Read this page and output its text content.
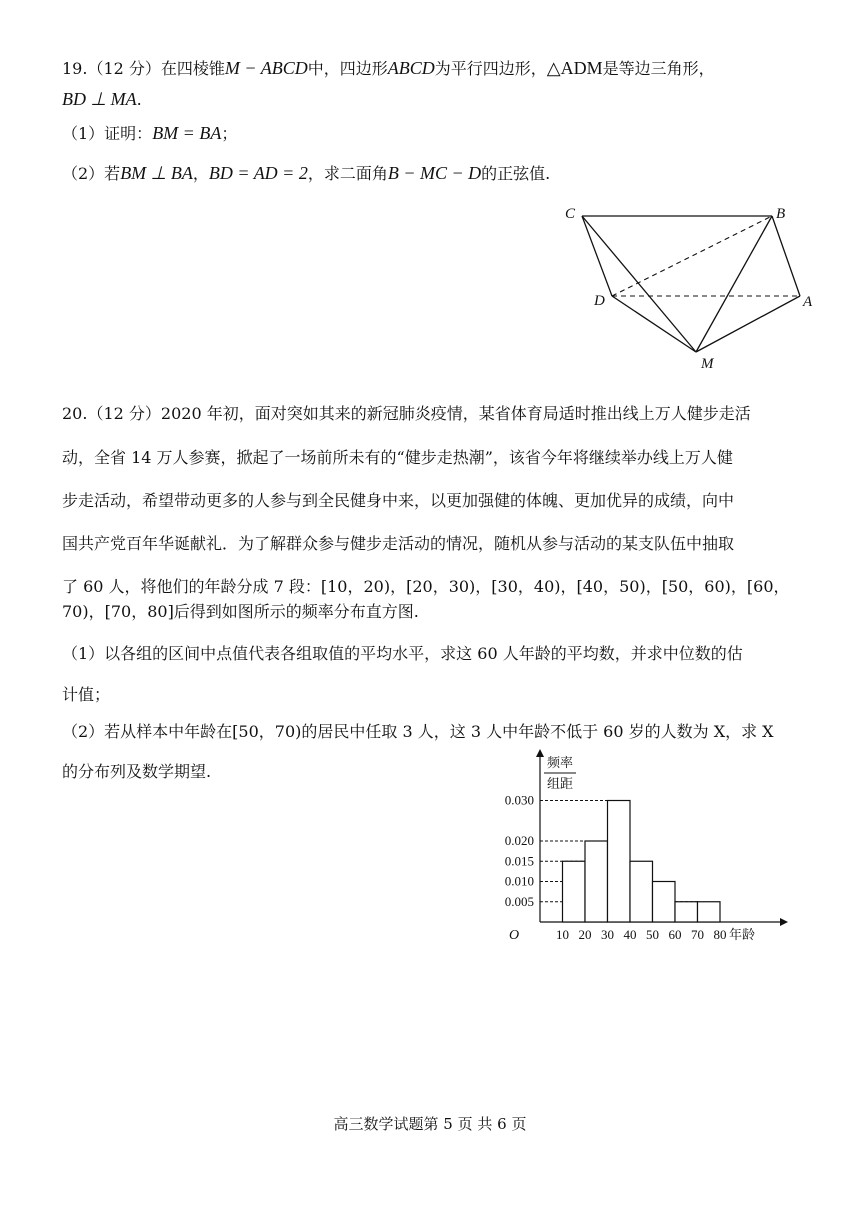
19.（12 分）在四棱锥M − ABCD中，四边形ABCD为平行四边形，△ADM是等边三角形，
BD ⊥ MA.
（1）证明：BM = BA；
（2）若BM ⊥ BA，BD = AD = 2，求二面角B − MC − D的正弦值.
C	B
D	A
M
20.（12 分）2020 年初，面对突如其来的新冠肺炎疫情，某省体育局适时推出线上万人健步走活
动，全省 14 万人参赛，掀起了一场前所未有的“健步走热潮”，该省今年将继续举办线上万人健
步走活动，希望带动更多的人参与到全民健身中来，以更加强健的体魄、更加优异的成绩，向中
国共产党百年华诞献礼．为了解群众参与健步走活动的情况，随机从参与活动的某支队伍中抽取
了 60 人，将他们的年龄分成 7 段：[10，20)，[20，30)，[30，40)，[40，50)，[50，60)，[60，
70)，[70，80]后得到如图所示的频率分布直方图.
（1）以各组的区间中点值代表各组取值的平均水平，求这 60 人年龄的平均数，并求中位数的估
计值；
（2）若从样本中年龄在[50，70)的居民中任取 3 人，这 3 人中年龄不低于 60 岁的人数为 X，求 X
的分布列及数学期望.
0.005
0.010
0.015
0.020
0.030
10 20 30 40 50 60 70 80
O	年龄
频率
组距
高三数学试题第 5 页 共 6 页
